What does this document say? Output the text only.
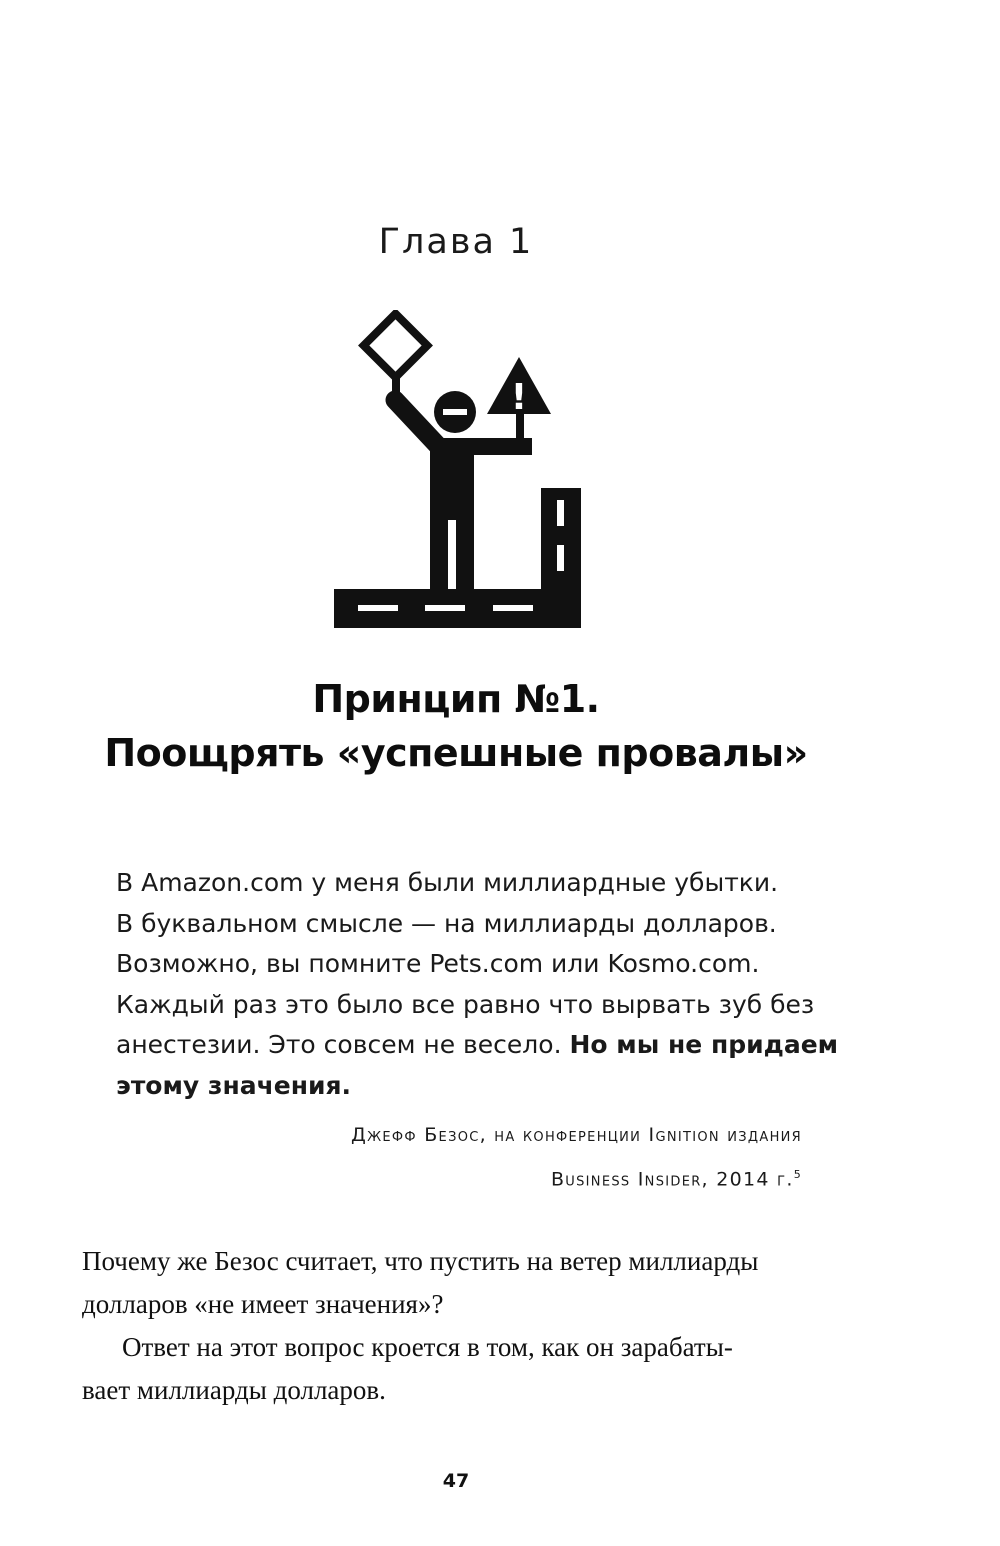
Глава 1
!
Принцип №1.
Поощрять «успешные провалы»
В Amazon.com у меня были миллиардные убытки.
В буквальном смысле — на миллиарды долларов.
Возможно, вы помните Pets.com или Kosmo.com.
Каждый раз это было все равно что вырвать зуб без
анестезии. Это совсем не весело. Но мы не придаем
этому значения.
Джефф Безос, на конференции Ignition издания
Business Insider, 2014 г.$^5$
Почему же Безос считает, что пустить на ветер миллиарды
долларов «не имеет значения»?
Ответ на этот вопрос кроется в том, как он зарабаты-
вает миллиарды долларов.
47
